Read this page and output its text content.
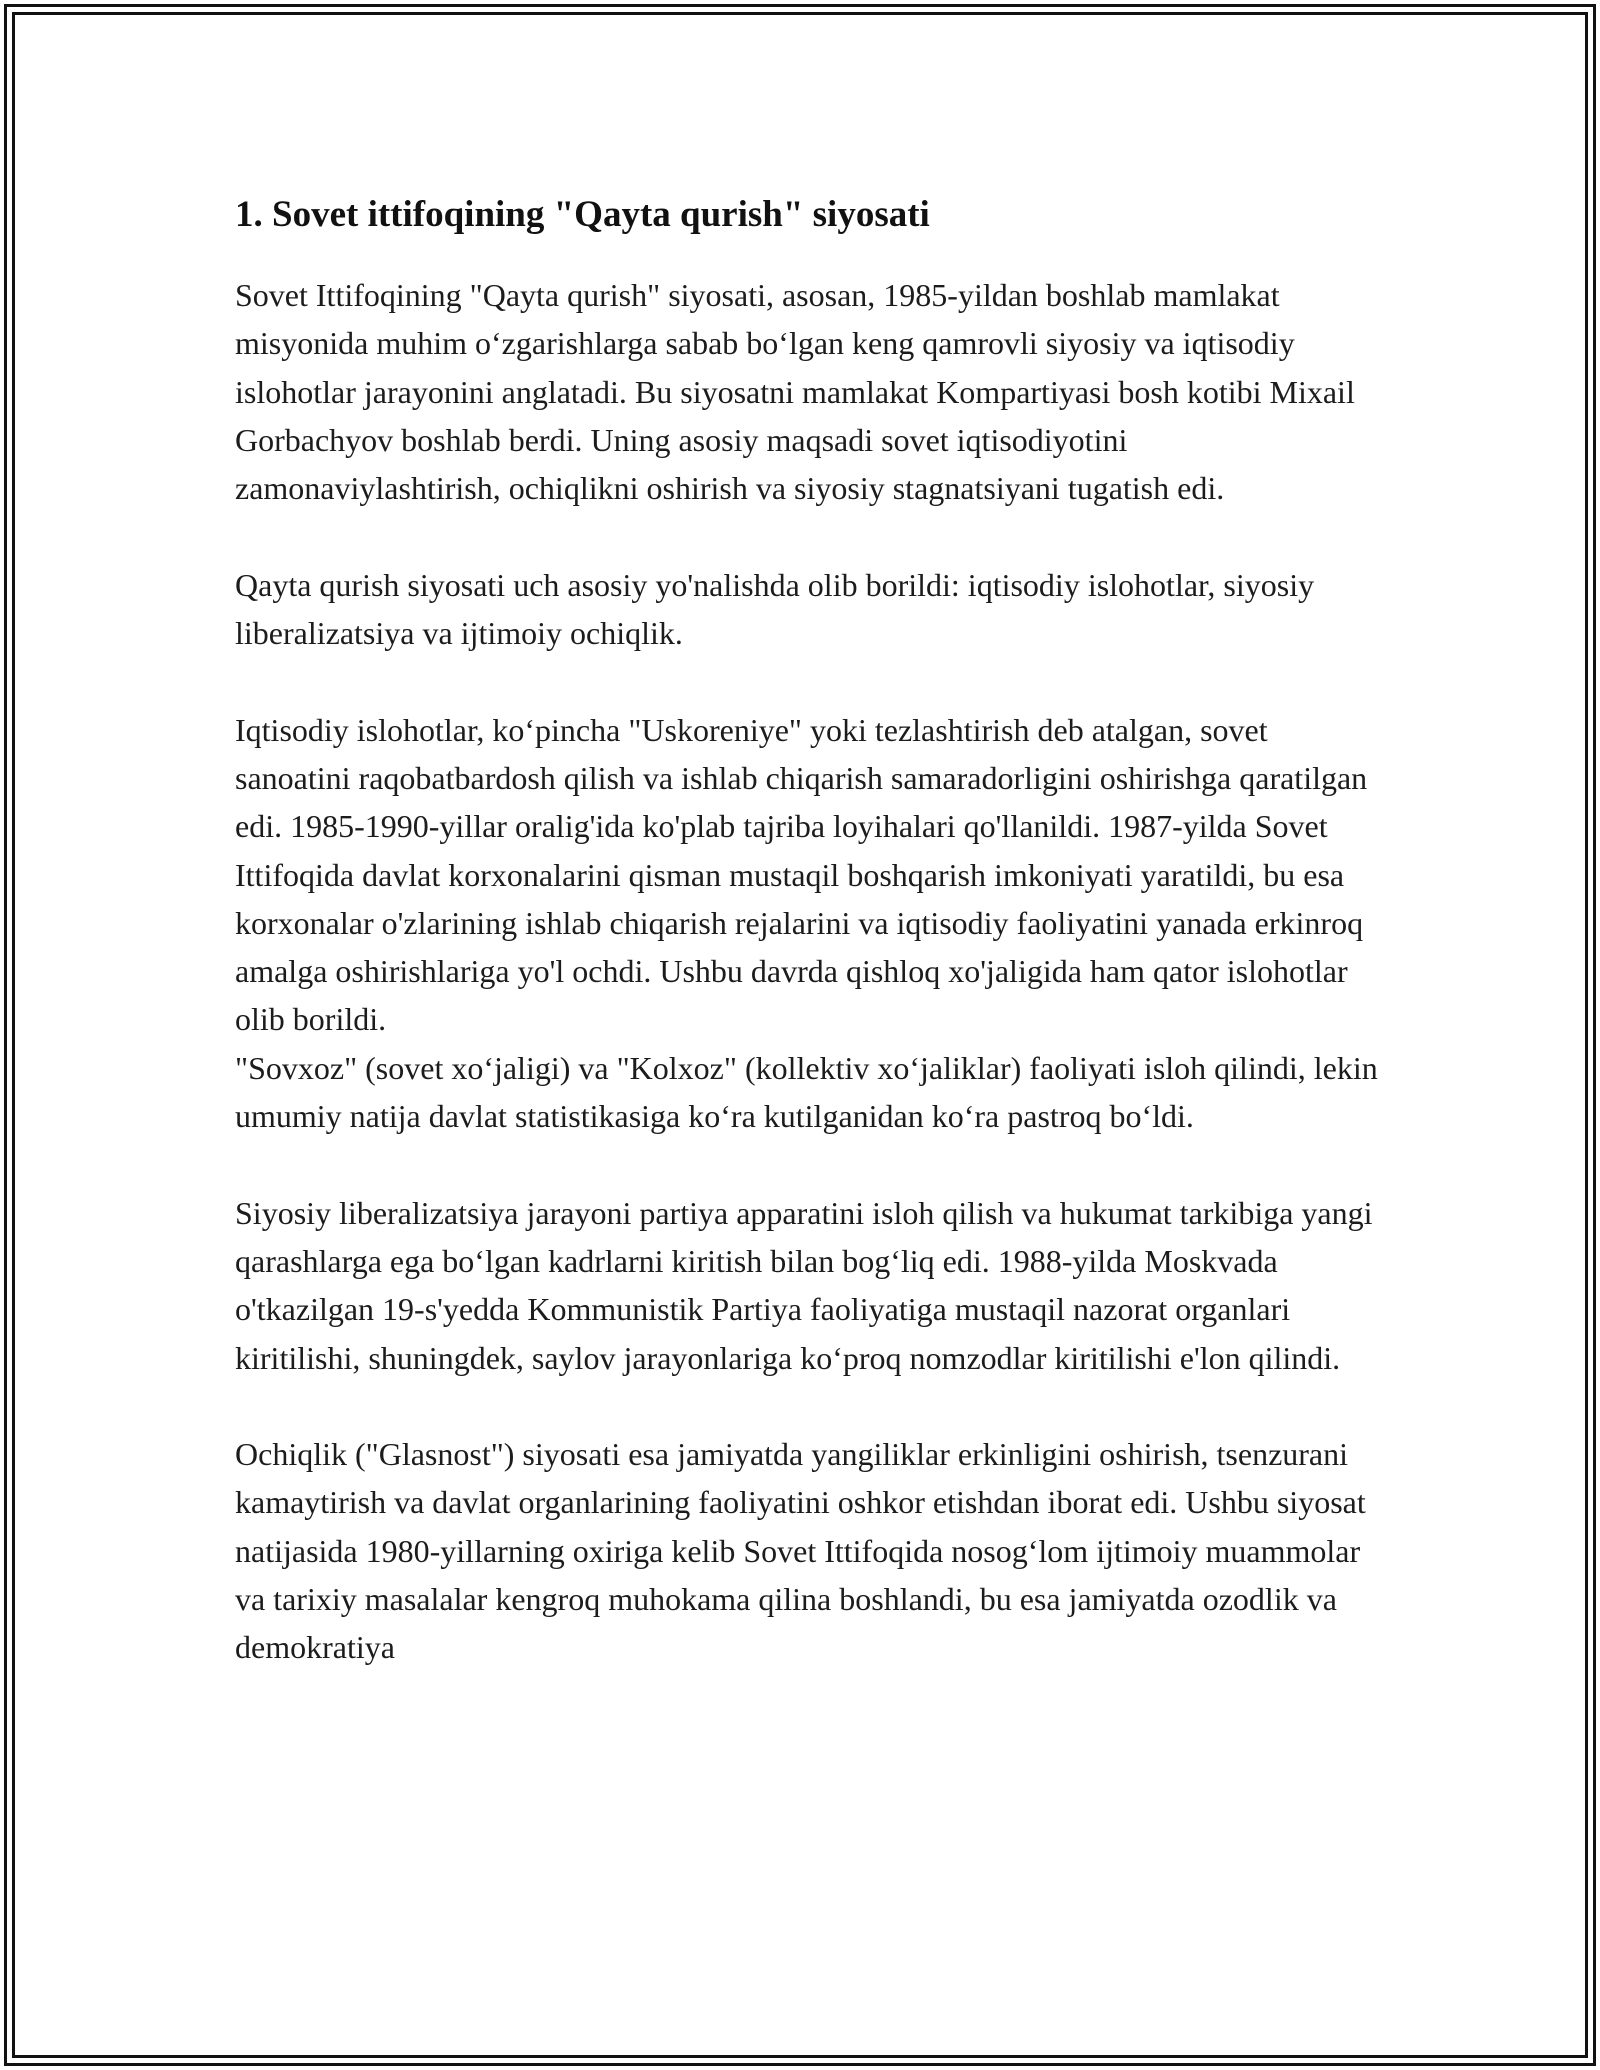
1. Sovet ittifoqining "Qayta qurish" siyosati

Sovet Ittifoqining "Qayta qurish" siyosati, asosan, 1985-yildan boshlab mamlakat misyonida muhim oʻzgarishlarga sabab boʻlgan keng qamrovli siyosiy va iqtisodiy islohotlar jarayonini anglatadi. Bu siyosatni mamlakat Kompartiyasi bosh kotibi Mixail Gorbachyov boshlab berdi. Uning asosiy maqsadi sovet iqtisodiyotini zamonaviylashtirish, ochiqlikni oshirish va siyosiy stagnatsiyani tugatish edi.

Qayta qurish siyosati uch asosiy yo'nalishda olib borildi: iqtisodiy islohotlar, siyosiy liberalizatsiya va ijtimoiy ochiqlik.

Iqtisodiy islohotlar, koʻpincha "Uskoreniye" yoki tezlashtirish deb atalgan, sovet sanoatini raqobatbardosh qilish va ishlab chiqarish samaradorligini oshirishga qaratilgan edi. 1985-1990-yillar oralig'ida ko'plab tajriba loyihalari qo'llanildi. 1987-yilda Sovet Ittifoqida davlat korxonalarini qisman mustaqil boshqarish imkoniyati yaratildi, bu esa korxonalar o'zlarining ishlab chiqarish rejalarini va iqtisodiy faoliyatini yanada erkinroq amalga oshirishlariga yo'l ochdi. Ushbu davrda qishloq xo'jaligida ham qator islohotlar olib borildi.

"Sovxoz" (sovet xoʻjaligi) va "Kolxoz" (kollektiv xoʻjaliklar) faoliyati isloh qilindi, lekin umumiy natija davlat statistikasiga koʻra kutilganidan koʻra pastroq boʻldi.

Siyosiy liberalizatsiya jarayoni partiya apparatini isloh qilish va hukumat tarkibiga yangi qarashlarga ega boʻlgan kadrlarni kiritish bilan bogʻliq edi. 1988-yilda Moskvada o'tkazilgan 19-s'yedda Kommunistik Partiya faoliyatiga mustaqil nazorat organlari kiritilishi, shuningdek, saylov jarayonlariga koʻproq nomzodlar kiritilishi e'lon qilindi.

Ochiqlik ("Glasnost") siyosati esa jamiyatda yangiliklar erkinligini oshirish, tsenzurani kamaytirish va davlat organlarining faoliyatini oshkor etishdan iborat edi. Ushbu siyosat natijasida 1980-yillarning oxiriga kelib Sovet Ittifoqida nosogʻlom ijtimoiy muammolar va tarixiy masalalar kengroq muhokama qilina boshlandi, bu esa jamiyatda ozodlik va demokratiya
